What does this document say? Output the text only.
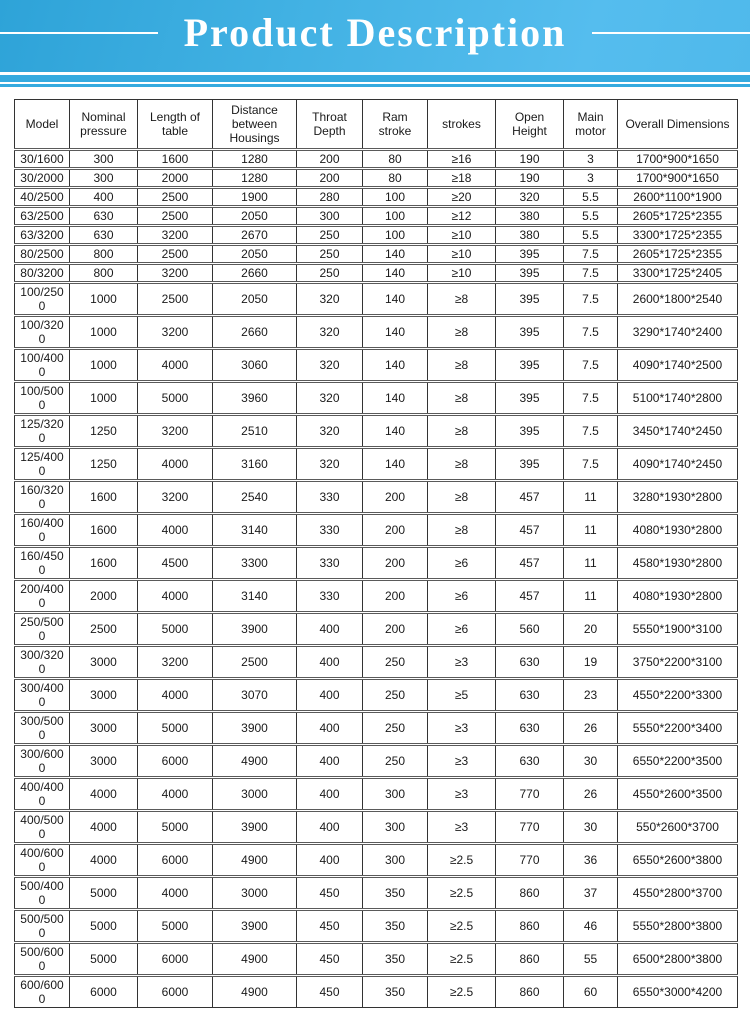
Product Description
Model	Nominal pressure	Length of table	Distance between Housings	Throat Depth	Ram stroke	strokes	Open Height	Main motor	Overall Dimensions
30/1600	300	1600	1280	200	80	≥16	190	3	1700*900*1650
30/2000	300	2000	1280	200	80	≥18	190	3	1700*900*1650
40/2500	400	2500	1900	280	100	≥20	320	5.5	2600*1100*1900
63/2500	630	2500	2050	300	100	≥12	380	5.5	2605*1725*2355
63/3200	630	3200	2670	250	100	≥10	380	5.5	3300*1725*2355
80/2500	800	2500	2050	250	140	≥10	395	7.5	2605*1725*2355
80/3200	800	3200	2660	250	140	≥10	395	7.5	3300*1725*2405
100/2500	1000	2500	2050	320	140	≥8	395	7.5	2600*1800*2540
100/3200	1000	3200	2660	320	140	≥8	395	7.5	3290*1740*2400
100/4000	1000	4000	3060	320	140	≥8	395	7.5	4090*1740*2500
100/5000	1000	5000	3960	320	140	≥8	395	7.5	5100*1740*2800
125/3200	1250	3200	2510	320	140	≥8	395	7.5	3450*1740*2450
125/4000	1250	4000	3160	320	140	≥8	395	7.5	4090*1740*2450
160/3200	1600	3200	2540	330	200	≥8	457	11	3280*1930*2800
160/4000	1600	4000	3140	330	200	≥8	457	11	4080*1930*2800
160/4500	1600	4500	3300	330	200	≥6	457	11	4580*1930*2800
200/4000	2000	4000	3140	330	200	≥6	457	11	4080*1930*2800
250/5000	2500	5000	3900	400	200	≥6	560	20	5550*1900*3100
300/3200	3000	3200	2500	400	250	≥3	630	19	3750*2200*3100
300/4000	3000	4000	3070	400	250	≥5	630	23	4550*2200*3300
300/5000	3000	5000	3900	400	250	≥3	630	26	5550*2200*3400
300/6000	3000	6000	4900	400	250	≥3	630	30	6550*2200*3500
400/4000	4000	4000	3000	400	300	≥3	770	26	4550*2600*3500
400/5000	4000	5000	3900	400	300	≥3	770	30	550*2600*3700
400/6000	4000	6000	4900	400	300	≥2.5	770	36	6550*2600*3800
500/4000	5000	4000	3000	450	350	≥2.5	860	37	4550*2800*3700
500/5000	5000	5000	3900	450	350	≥2.5	860	46	5550*2800*3800
500/6000	5000	6000	4900	450	350	≥2.5	860	55	6500*2800*3800
600/6000	6000	6000	4900	450	350	≥2.5	860	60	6550*3000*4200
